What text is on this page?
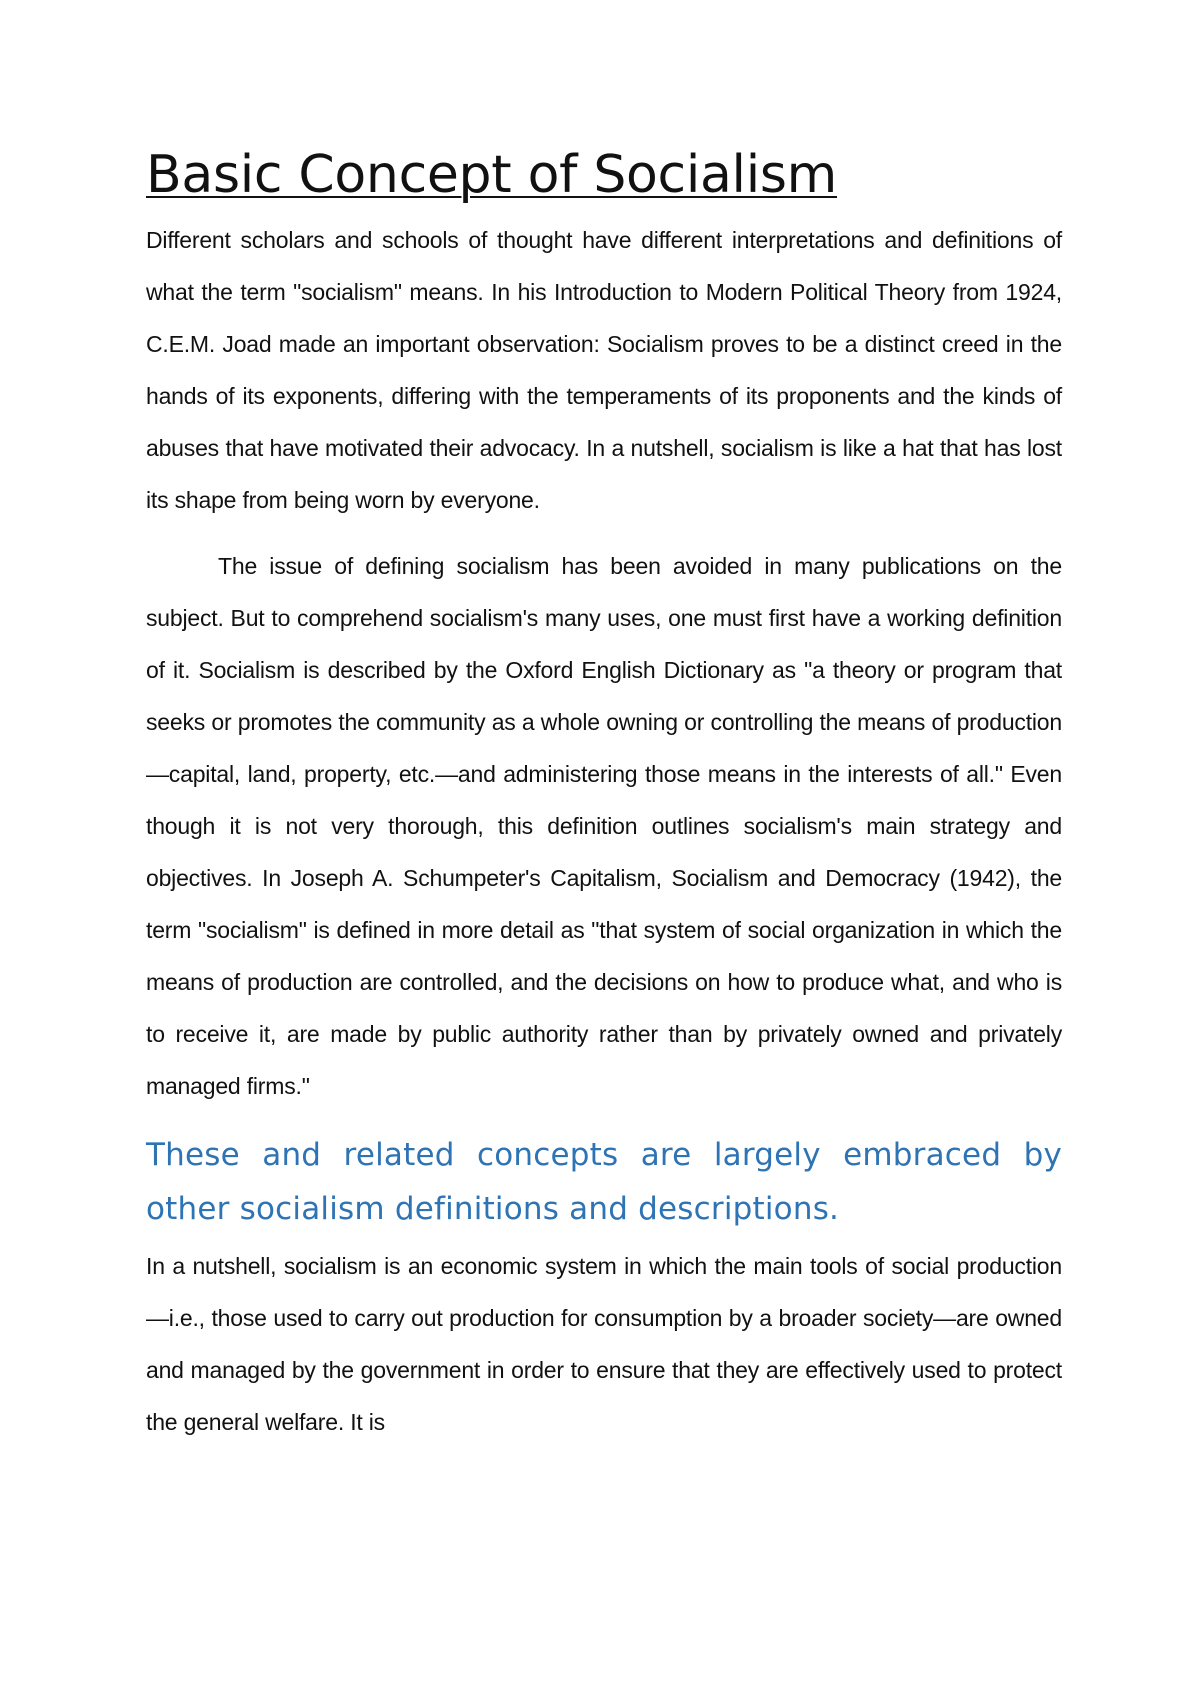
Basic Concept of Socialism

Different scholars and schools of thought have different interpretations and definitions of what the term "socialism" means. In his Introduction to Modern Political Theory from 1924, C.E.M. Joad made an important observation: Socialism proves to be a distinct creed in the hands of its exponents, differing with the temperaments of its proponents and the kinds of abuses that have motivated their advocacy. In a nutshell, socialism is like a hat that has lost its shape from being worn by everyone.

The issue of defining socialism has been avoided in many publications on the subject. But to comprehend socialism's many uses, one must first have a working definition of it. Socialism is described by the Oxford English Dictionary as "a theory or program that seeks or promotes the community as a whole owning or controlling the means of production—capital, land, property, etc.—and administering those means in the interests of all." Even though it is not very thorough, this definition outlines socialism's main strategy and objectives. In Joseph A. Schumpeter's Capitalism, Socialism and Democracy (1942), the term "socialism" is defined in more detail as "that system of social organization in which the means of production are controlled, and the decisions on how to produce what, and who is to receive it, are made by public authority rather than by privately owned and privately managed firms."

These and related concepts are largely embraced by other socialism definitions and descriptions.

In a nutshell, socialism is an economic system in which the main tools of social production—i.e., those used to carry out production for consumption by a broader society—are owned and managed by the government in order to ensure that they are effectively used to protect the general welfare. It is
